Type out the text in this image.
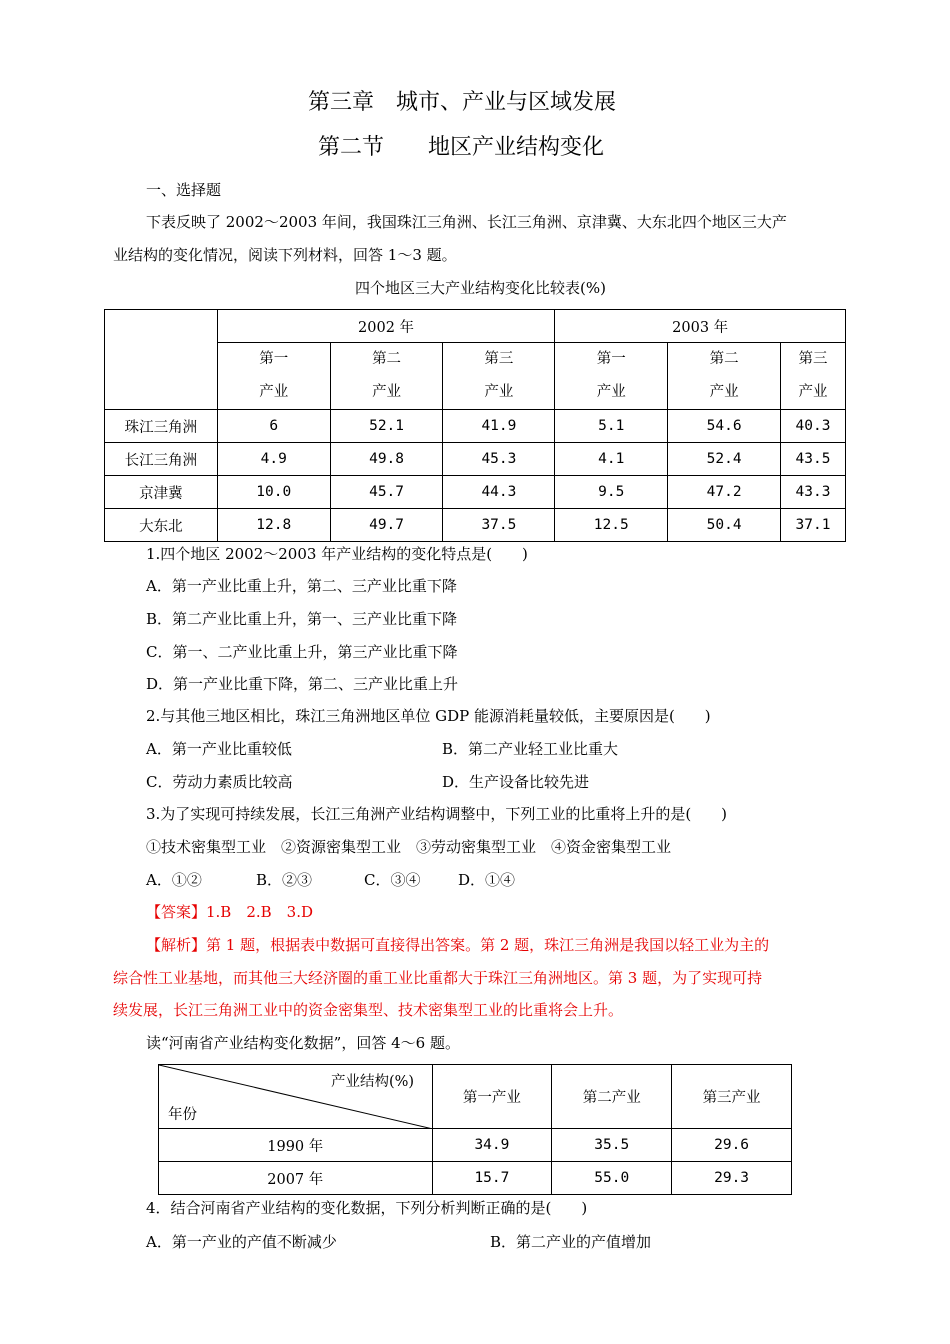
第三章　城市、产业与区域发展
第二节　　地区产业结构变化
一、选择题
下表反映了 2002～2003 年间，我国珠江三角洲、长江三角洲、京津冀、大东北四个地区三大产
业结构的变化情况，阅读下列材料，回答 1～3 题。
四个地区三大产业结构变化比较表(%)
	2002 年			2003 年		
	第一
产业	第二
产业	第三
产业	第一
产业	第二
产业	第三
产业
珠江三角洲	6	52.1	41.9	5.1	54.6	40.3
长江三角洲	4.9	49.8	45.3	4.1	52.4	43.5
京津冀	10.0	45.7	44.3	9.5	47.2	43.3
大东北	12.8	49.7	37.5	12.5	50.4	37.1
1.四个地区 2002～2003 年产业结构的变化特点是(　　)
A．第一产业比重上升，第二、三产业比重下降
B．第二产业比重上升，第一、三产业比重下降
C．第一、二产业比重上升，第三产业比重下降
D．第一产业比重下降，第二、三产业比重上升
2.与其他三地区相比，珠江三角洲地区单位 GDP 能源消耗量较低，主要原因是(　　)
A．第一产业比重较低	B．第二产业轻工业比重大
C．劳动力素质比较高	D．生产设备比较先进
3.为了实现可持续发展，长江三角洲产业结构调整中，下列工业的比重将上升的是(　　)
①技术密集型工业　②资源密集型工业　③劳动密集型工业　④资金密集型工业
A．①②	B．②③	C．③④	D．①④
【答案】1.B　2.B　3.D
【解析】第 1 题，根据表中数据可直接得出答案。第 2 题，珠江三角洲是我国以轻工业为主的
综合性工业基地，而其他三大经济圈的重工业比重都大于珠江三角洲地区。第 3 题，为了实现可持
续发展，长江三角洲工业中的资金密集型、技术密集型工业的比重将会上升。
读“河南省产业结构变化数据”，回答 4～6 题。
产业结构(%)
年份	第一产业	第二产业	第三产业
1990 年	34.9	35.5	29.6
2007 年	15.7	55.0	29.3
4．结合河南省产业结构的变化数据，下列分析判断正确的是(　　)
A．第一产业的产值不断减少	B．第二产业的产值增加
